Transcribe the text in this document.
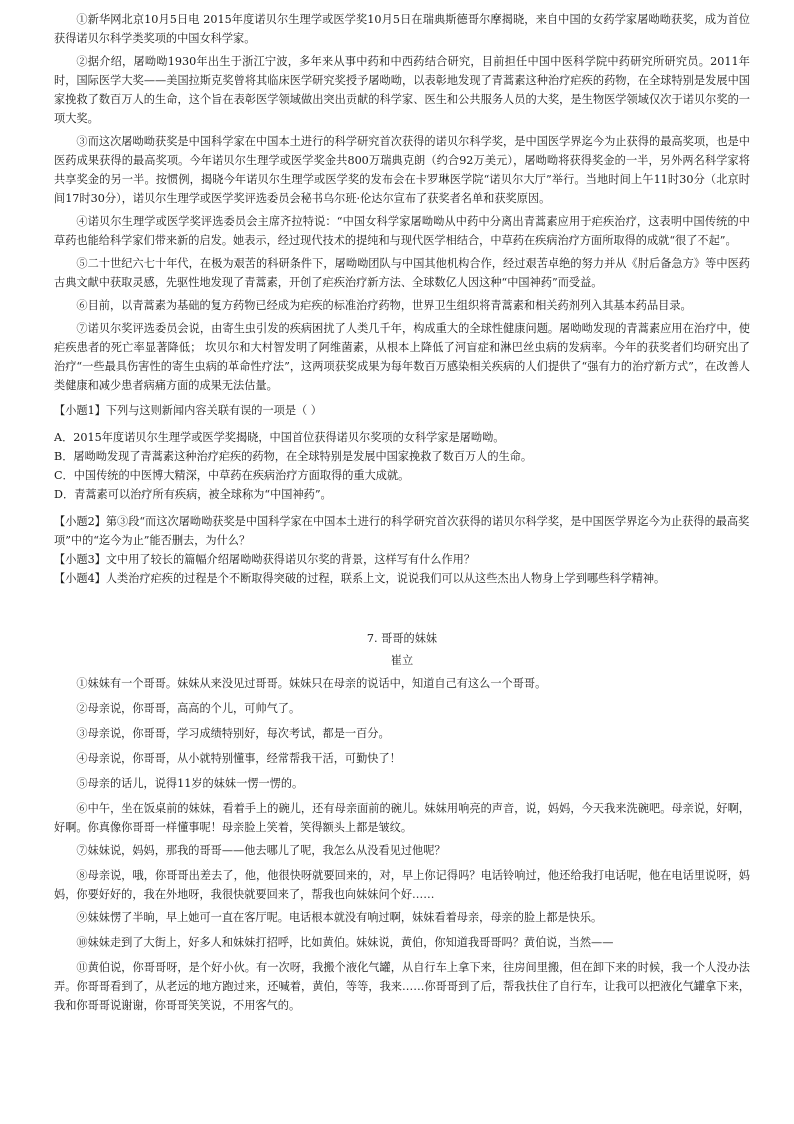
①新华网北京10月5日电 2015年度诺贝尔生理学或医学奖10月5日在瑞典斯德哥尔摩揭晓，来自中国的女药学家屠呦呦获奖，成为首位获得诺贝尔科学类奖项的中国女科学家。

②据介绍，屠呦呦1930年出生于浙江宁波，多年来从事中药和中西药结合研究，目前担任中国中医科学院中药研究所研究员。2011年时，国际医学大奖——美国拉斯克奖曾将其临床医学研究奖授予屠呦呦，以表彰地发现了青蒿素这种治疗疟疾的药物，在全球特别是发展中国家挽救了数百万人的生命，这个旨在表彰医学领域做出突出贡献的科学家、医生和公共服务人员的大奖，是生物医学领域仅次于诺贝尔奖的一项大奖。

③而这次屠呦呦获奖是中国科学家在中国本土进行的科学研究首次获得的诺贝尔科学奖，是中国医学界迄今为止获得的最高奖项，也是中医药成果获得的最高奖项。今年诺贝尔生理学或医学奖金共800万瑞典克朗（约合92万美元），屠呦呦将获得奖金的一半，另外两名科学家将共享奖金的另一半。按惯例，揭晓今年诺贝尔生理学或医学奖的发布会在卡罗琳医学院“诺贝尔大厅”举行。当地时间上午11时30分（北京时间17时30分），诺贝尔生理学或医学奖评选委员会秘书乌尔班·伦达尔宣布了获奖者名单和获奖原因。

④诺贝尔生理学或医学奖评选委员会主席齐拉特说：“中国女科学家屠呦呦从中药中分离出青蒿素应用于疟疾治疗，这表明中国传统的中草药也能给科学家们带来新的启发。她表示，经过现代技术的提纯和与现代医学相结合，中草药在疾病治疗方面所取得的成就“很了不起”。

⑤二十世纪六七十年代，在极为艰苦的科研条件下，屠呦呦团队与中国其他机构合作，经过艰苦卓绝的努力并从《肘后备急方》等中医药古典文献中获取灵感，先驱性地发现了青蒿素，开创了疟疾治疗新方法、全球数亿人因这种“中国神药”而受益。

⑥目前，以青蒿素为基础的复方药物已经成为疟疾的标准治疗药物，世界卫生组织将青蒿素和相关药剂列入其基本药品目录。

⑦诺贝尔奖评选委员会说，由寄生虫引发的疾病困扰了人类几千年，构成重大的全球性健康问题。屠呦呦发现的青蒿素应用在治疗中，使疟疾患者的死亡率显著降低； 坎贝尔和大村智发明了阿维菌素，从根本上降低了河盲症和淋巴丝虫病的发病率。今年的获奖者们均研究出了治疗“一些最具伤害性的寄生虫病的革命性疗法”，这两项获奖成果为每年数百万感染相关疾病的人们提供了“强有力的治疗新方式”，在改善人类健康和减少患者病痛方面的成果无法估量。

【小题1】下列与这则新闻内容关联有误的一项是（ ）

A．2015年度诺贝尔生理学或医学奖揭晓，中国首位获得诺贝尔奖项的女科学家是屠呦呦。

B．屠呦呦发现了青蒿素这种治疗疟疾的药物，在全球特别是发展中国家挽救了数百万人的生命。

C．中国传统的中医博大精深，中草药在疾病治疗方面取得的重大成就。

D．青蒿素可以治疗所有疾病，被全球称为“中国神药”。

【小题2】第③段“而这次屠呦呦获奖是中国科学家在中国本土进行的科学研究首次获得的诺贝尔科学奖，是中国医学界迄今为止获得的最高奖项”中的“迄今为止”能否删去，为什么？

【小题3】文中用了较长的篇幅介绍屠呦呦获得诺贝尔奖的背景，这样写有什么作用？

【小题4】人类治疗疟疾的过程是个不断取得突破的过程，联系上文，说说我们可以从这些杰出人物身上学到哪些科学精神。

7. 哥哥的妹妹

崔立

①妹妹有一个哥哥。妹妹从来没见过哥哥。妹妹只在母亲的说话中，知道自己有这么一个哥哥。

②母亲说，你哥哥，高高的个儿，可帅气了。

③母亲说，你哥哥，学习成绩特别好，每次考试，都是一百分。

④母亲说，你哥哥，从小就特别懂事，经常帮我干活，可勤快了！

⑤母亲的话儿，说得11岁的妹妹一愣一愣的。

⑥中午，坐在饭桌前的妹妹，看着手上的碗儿，还有母亲面前的碗儿。妹妹用响亮的声音，说，妈妈，今天我来洗碗吧。母亲说，好啊，好啊。你真像你哥哥一样懂事呢！母亲脸上笑着，笑得额头上都是皱纹。

⑦妹妹说，妈妈，那我的哥哥——他去哪儿了呢，我怎么从没看见过他呢？

⑧母亲说，哦，你哥哥出差去了，他，他很快呀就要回来的，对，早上你记得吗？电话铃响过，他还给我打电话呢，他在电话里说呀，妈妈，你要好好的，我在外地呀，我很快就要回来了，帮我也向妹妹问个好……

⑨妹妹愣了半晌，早上她可一直在客厅呢。电话根本就没有响过啊，妹妹看着母亲，母亲的脸上都是快乐。

⑩妹妹走到了大街上，好多人和妹妹打招呼，比如黄伯。妹妹说，黄伯，你知道我哥哥吗？黄伯说，当然——

⑪黄伯说，你哥哥呀，是个好小伙。有一次呀，我搬个液化气罐，从自行车上拿下来，往房间里搬，但在卸下来的时候，我一个人没办法弄。你哥哥看到了，从老远的地方跑过来，还喊着，黄伯，等等，我来……你哥哥到了后，帮我扶住了自行车，让我可以把液化气罐拿下来，我和你哥哥说谢谢，你哥哥笑笑说，不用客气的。
